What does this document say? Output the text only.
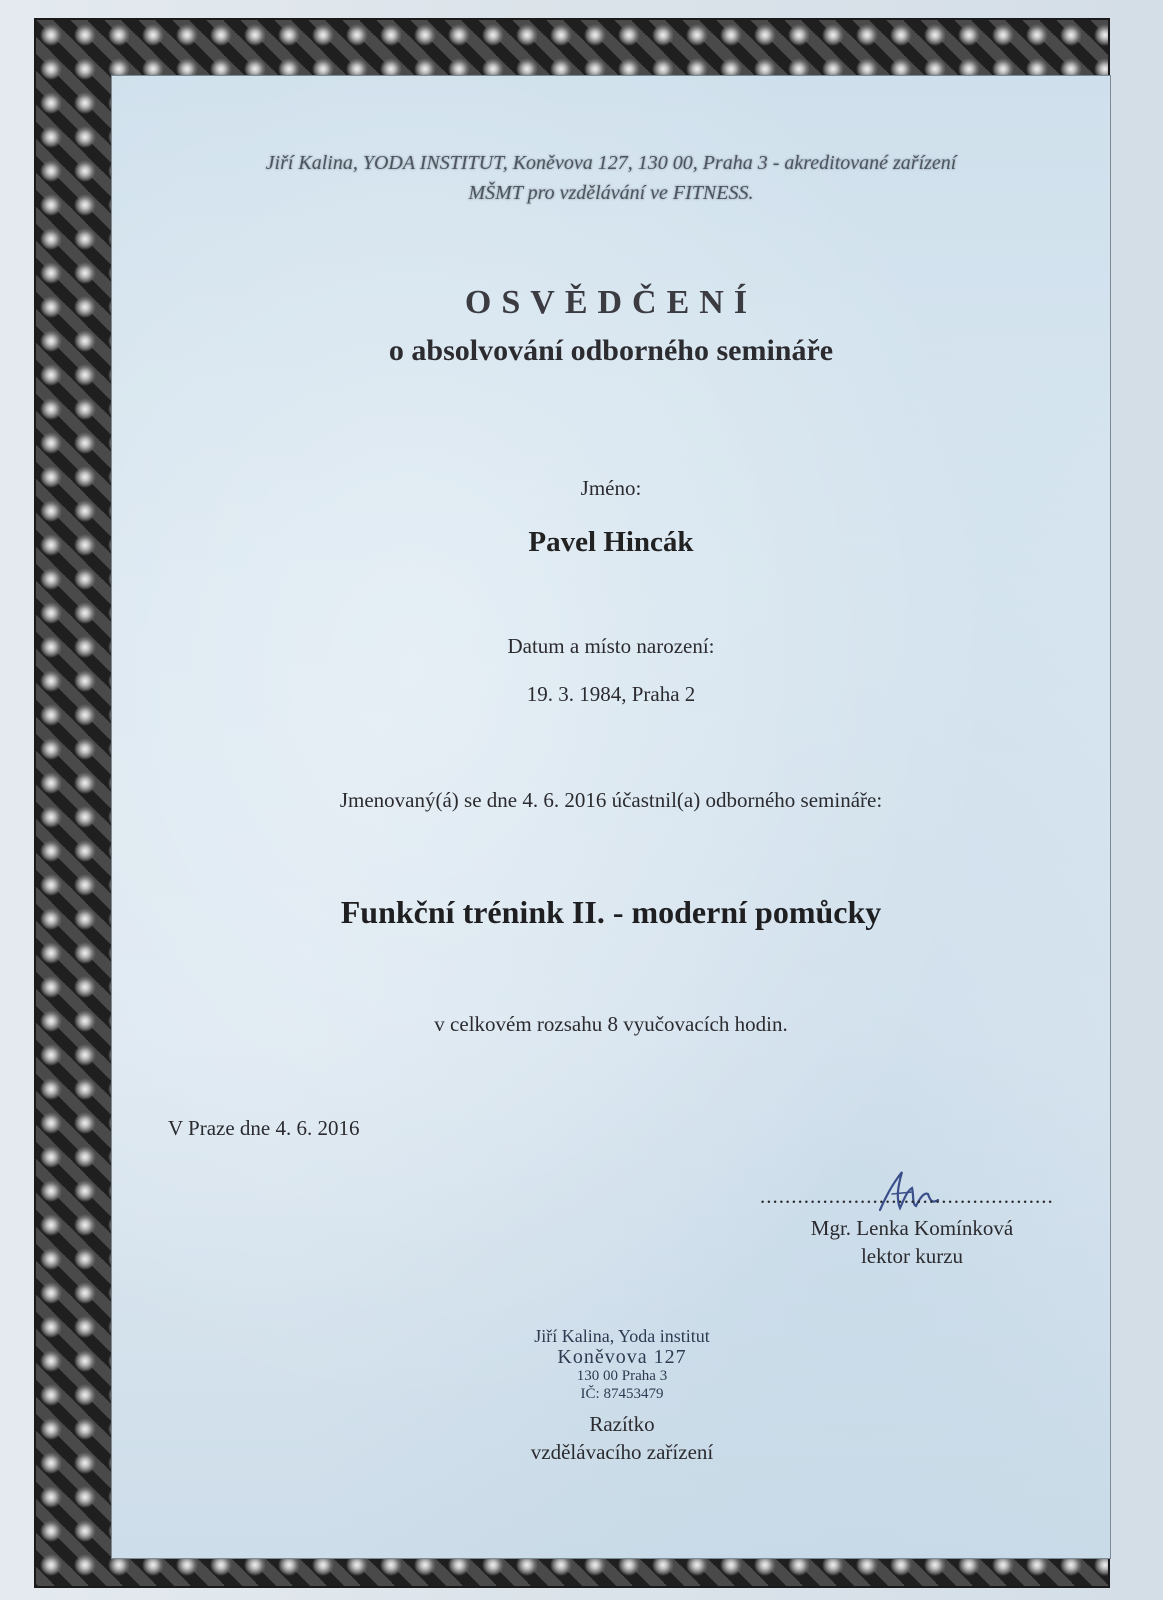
Jiří Kalina, YODA INSTITUT, Koněvova 127, 130 00, Praha 3 - akreditované zařízení
MŠMT pro vzdělávání ve FITNESS.
OSVĚDČENÍ
o absolvování odborného semináře
Jméno:
Pavel Hincák
Datum a místo narození:
19. 3. 1984, Praha 2
Jmenovaný(á) se dne 4. 6. 2016 účastnil(a) odborného semináře:
Funkční trénink II. - moderní pomůcky
v celkovém rozsahu 8 vyučovacích hodin.
V Praze dne 4. 6. 2016
...............................................
Mgr. Lenka Komínková
lektor kurzu
Jiří Kalina, Yoda institut
Koněvova 127
130 00 Praha 3
IČ: 87453479
Razítko
vzdělávacího zařízení
